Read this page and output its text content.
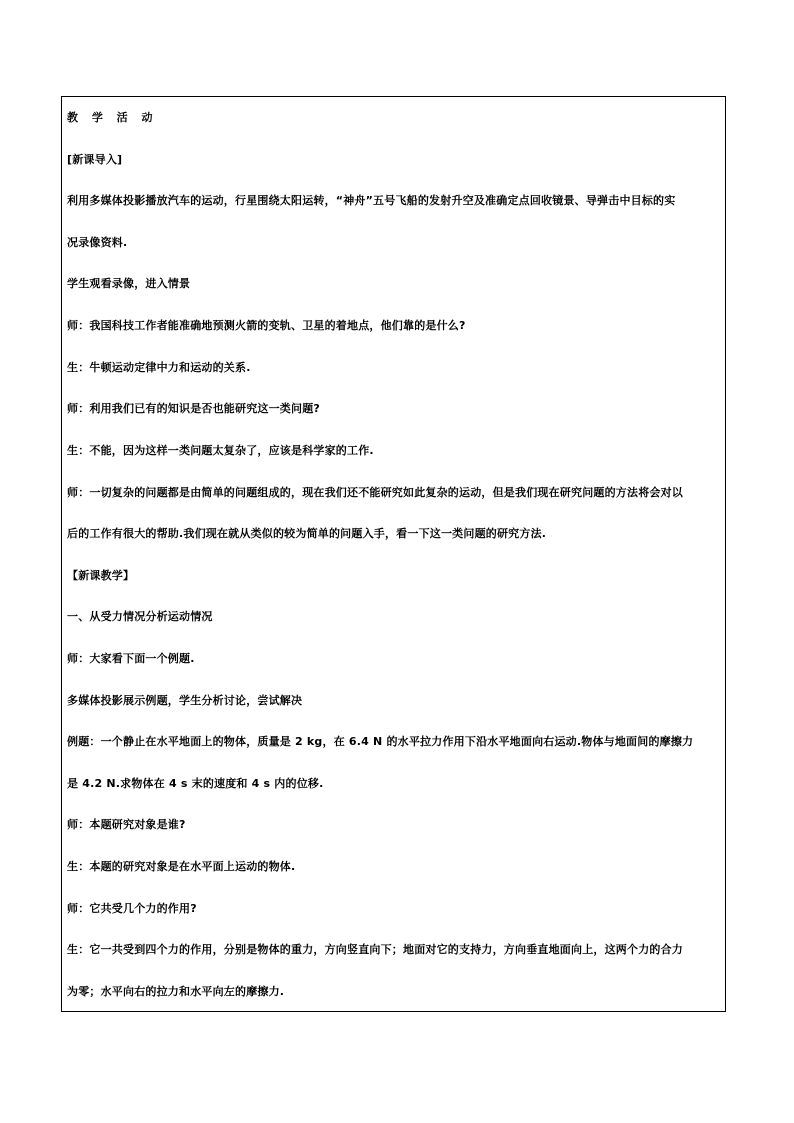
教 学 活 动
[新课导入]
利用多媒体投影播放汽车的运动，行星围绕太阳运转，“神舟”五号飞船的发射升空及准确定点回收镜景、导弹击中目标的实
况录像资料.
学生观看录像，进入情景
师：我国科技工作者能准确地预测火箭的变轨、卫星的着地点，他们靠的是什么?
生：牛顿运动定律中力和运动的关系.
师：利用我们已有的知识是否也能研究这一类问题?
生：不能，因为这样一类问题太复杂了，应该是科学家的工作.
师：一切复杂的问题都是由简单的问题组成的，现在我们还不能研究如此复杂的运动，但是我们现在研究问题的方法将会对以
后的工作有很大的帮助.我们现在就从类似的较为简单的问题入手，看一下这一类问题的研究方法.
【新课教学】
一、从受力情况分析运动情况
师：大家看下面一个例题.
多媒体投影展示例题，学生分析讨论，尝试解决
例题：一个静止在水平地面上的物体，质量是 2 kg，在 6.4 N 的水平拉力作用下沿水平地面向右运动.物体与地面间的摩擦力
是 4.2 N.求物体在 4 s 末的速度和 4 s 内的位移.
师：本题研究对象是谁?
生：本题的研究对象是在水平面上运动的物体.
师：它共受几个力的作用?
生：它一共受到四个力的作用，分别是物体的重力，方向竖直向下；地面对它的支持力，方向垂直地面向上，这两个力的合力
为零；水平向右的拉力和水平向左的摩擦力.
